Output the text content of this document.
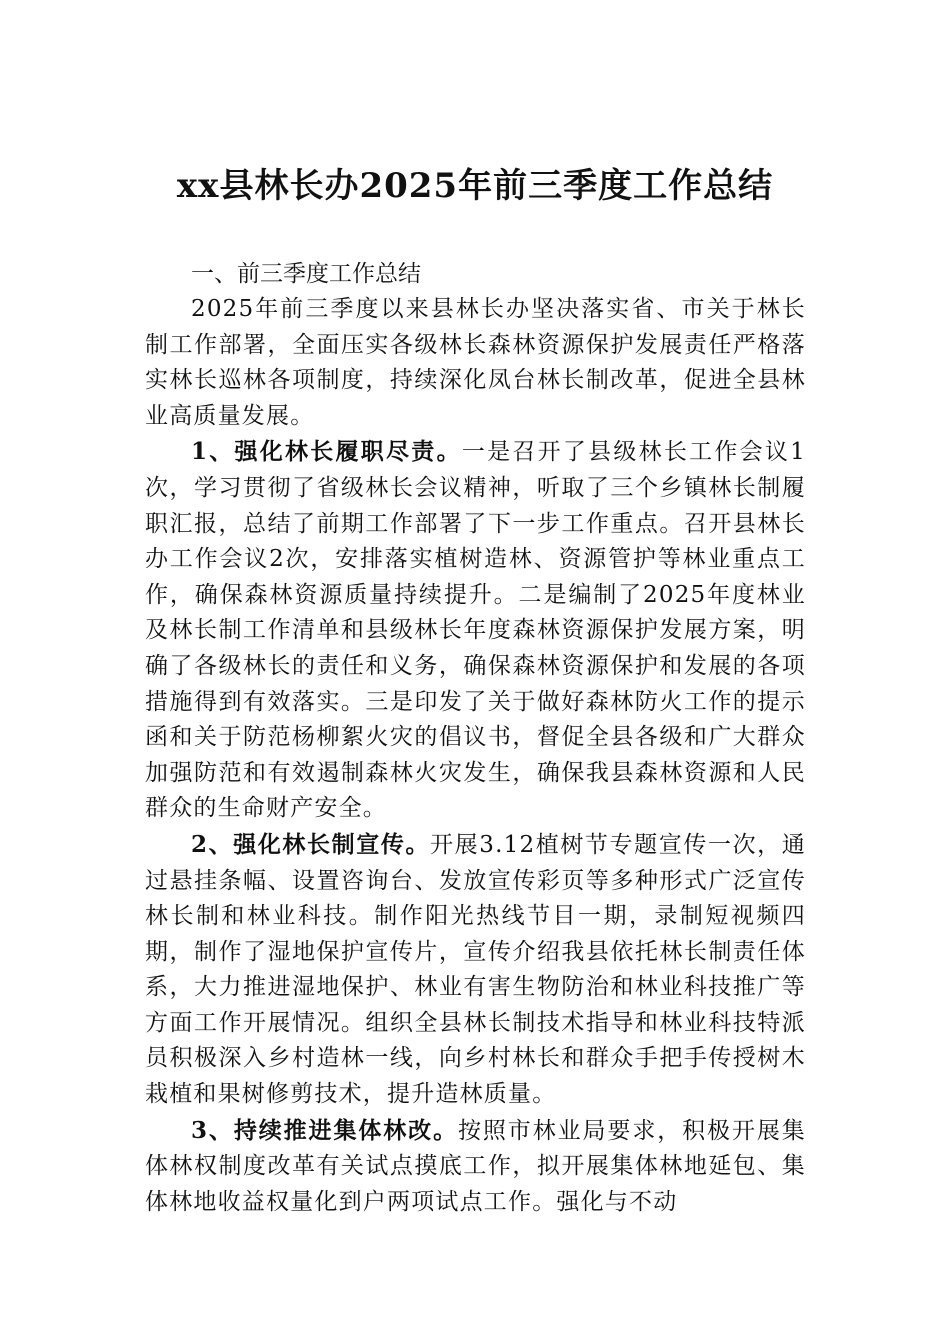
xx县林长办2025年前三季度工作总结

一、前三季度工作总结

2025年前三季度以来县林长办坚决落实省、市关于林长制工作部署，全面压实各级林长森林资源保护发展责任严格落实林长巡林各项制度，持续深化凤台林长制改革，促进全县林业高质量发展。

1、强化林长履职尽责。一是召开了县级林长工作会议1次，学习贯彻了省级林长会议精神，听取了三个乡镇林长制履职汇报，总结了前期工作部署了下一步工作重点。召开县林长办工作会议2次，安排落实植树造林、资源管护等林业重点工作，确保森林资源质量持续提升。二是编制了2025年度林业及林长制工作清单和县级林长年度森林资源保护发展方案，明确了各级林长的责任和义务，确保森林资源保护和发展的各项措施得到有效落实。三是印发了关于做好森林防火工作的提示函和关于防范杨柳絮火灾的倡议书，督促全县各级和广大群众加强防范和有效遏制森林火灾发生，确保我县森林资源和人民群众的生命财产安全。

2、强化林长制宣传。开展3.12植树节专题宣传一次，通过悬挂条幅、设置咨询台、发放宣传彩页等多种形式广泛宣传林长制和林业科技。制作阳光热线节目一期，录制短视频四期，制作了湿地保护宣传片，宣传介绍我县依托林长制责任体系，大力推进湿地保护、林业有害生物防治和林业科技推广等方面工作开展情况。组织全县林长制技术指导和林业科技特派员积极深入乡村造林一线，向乡村林长和群众手把手传授树木栽植和果树修剪技术，提升造林质量。

3、持续推进集体林改。按照市林业局要求，积极开展集体林权制度改革有关试点摸底工作，拟开展集体林地延包、集体林地收益权量化到户两项试点工作。强化与不动
